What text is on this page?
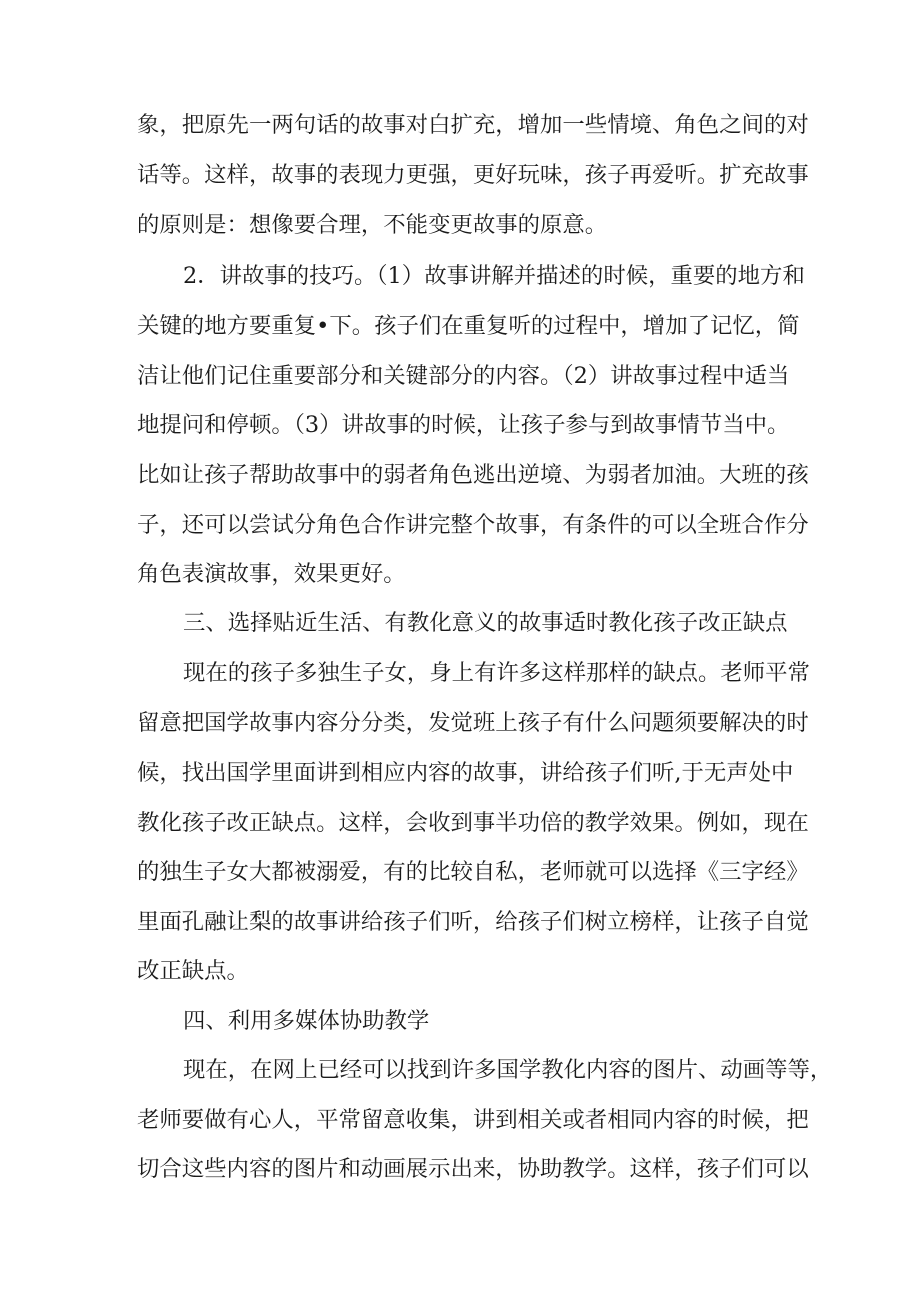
象，把原先一两句话的故事对白扩充，增加一些情境、角色之间的对
话等。这样，故事的表现力更强，更好玩味，孩子再爱听。扩充故事
的原则是：想像要合理，不能变更故事的原意。
2．讲故事的技巧。（1）故事讲解并描述的时候，重要的地方和
关键的地方要重复•下。孩子们在重复听的过程中，增加了记忆，简
洁让他们记住重要部分和关键部分的内容。（2）讲故事过程中适当
地提问和停顿。（3）讲故事的时候，让孩子参与到故事情节当中。
比如让孩子帮助故事中的弱者角色逃出逆境、为弱者加油。大班的孩
子，还可以尝试分角色合作讲完整个故事，有条件的可以全班合作分
角色表演故事，效果更好。
三、选择贴近生活、有教化意义的故事适时教化孩子改正缺点
现在的孩子多独生子女，身上有许多这样那样的缺点。老师平常
留意把国学故事内容分分类，发觉班上孩子有什么问题须要解决的时
候，找出国学里面讲到相应内容的故事，讲给孩子们听,于无声处中
教化孩子改正缺点。这样，会收到事半功倍的教学效果。例如，现在
的独生子女大都被溺爱，有的比较自私，老师就可以选择《三字经》
里面孔融让梨的故事讲给孩子们听，给孩子们树立榜样，让孩子自觉
改正缺点。
四、利用多媒体协助教学
现在，在网上已经可以找到许多国学教化内容的图片、动画等等，
老师要做有心人，平常留意收集，讲到相关或者相同内容的时候，把
切合这些内容的图片和动画展示出来，协助教学。这样，孩子们可以
